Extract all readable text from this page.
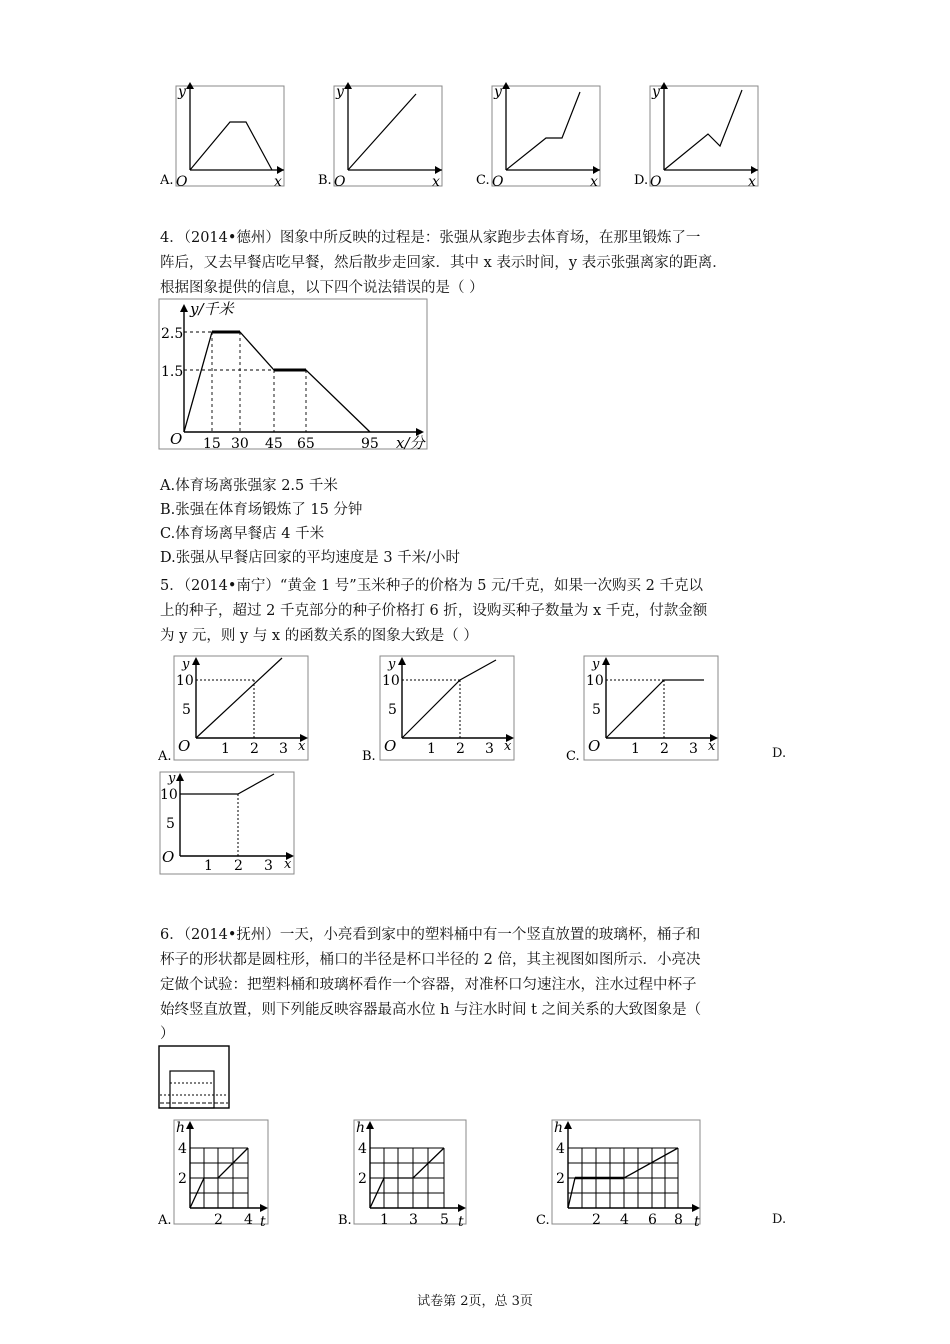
y
x
O
A.
y
x
O
B.
y
x
O
C.
y
x
O
D.
4．（2014•德州）图象中所反映的过程是：张强从家跑步去体育场，在那里锻炼了一
阵后，又去早餐店吃早餐，然后散步走回家．其中 x 表示时间，y 表示张强离家的距离．
根据图象提供的信息，以下四个说法错误的是（ ）
y/千米
2.5
1.5
O 15 30 45 65	95 x/分
A.体育场离张强家 2.5 千米
B.张强在体育场锻炼了 15 分钟
C.体育场离早餐店 4 千米
D.张强从早餐店回家的平均速度是 3 千米/小时
5．（2014•南宁）“黄金 1 号”玉米种子的价格为 5 元/千克，如果一次购买 2 千克以
上的种子，超过 2 千克部分的种子价格打 6 折，设购买种子数量为 x 千克，付款金额
为 y 元，则 y 与 x 的函数关系的图象大致是（ ）
y
10
5
O 1 2 3 x
A.
y
10
5
O 1 2 3 x
B.
y
10
5
O 1 2 3 x
C.	D.
y
10
5
O 1 2 3 x
6．（2014•抚州）一天，小亮看到家中的塑料桶中有一个竖直放置的玻璃杯，桶子和
杯子的形状都是圆柱形，桶口的半径是杯口半径的 2 倍，其主视图如图所示．小亮决
定做个试验：把塑料桶和玻璃杯看作一个容器，对准杯口匀速注水，注水过程中杯子
始终竖直放置，则下列能反映容器最高水位 h 与注水时间 t 之间关系的大致图象是（
）
h
4
2
2 4 t
A.
h
4
2
1 3 5 t
B.
h
4
2
2 4 6 8 t
C.	D.
试卷第 2页，总 3页
